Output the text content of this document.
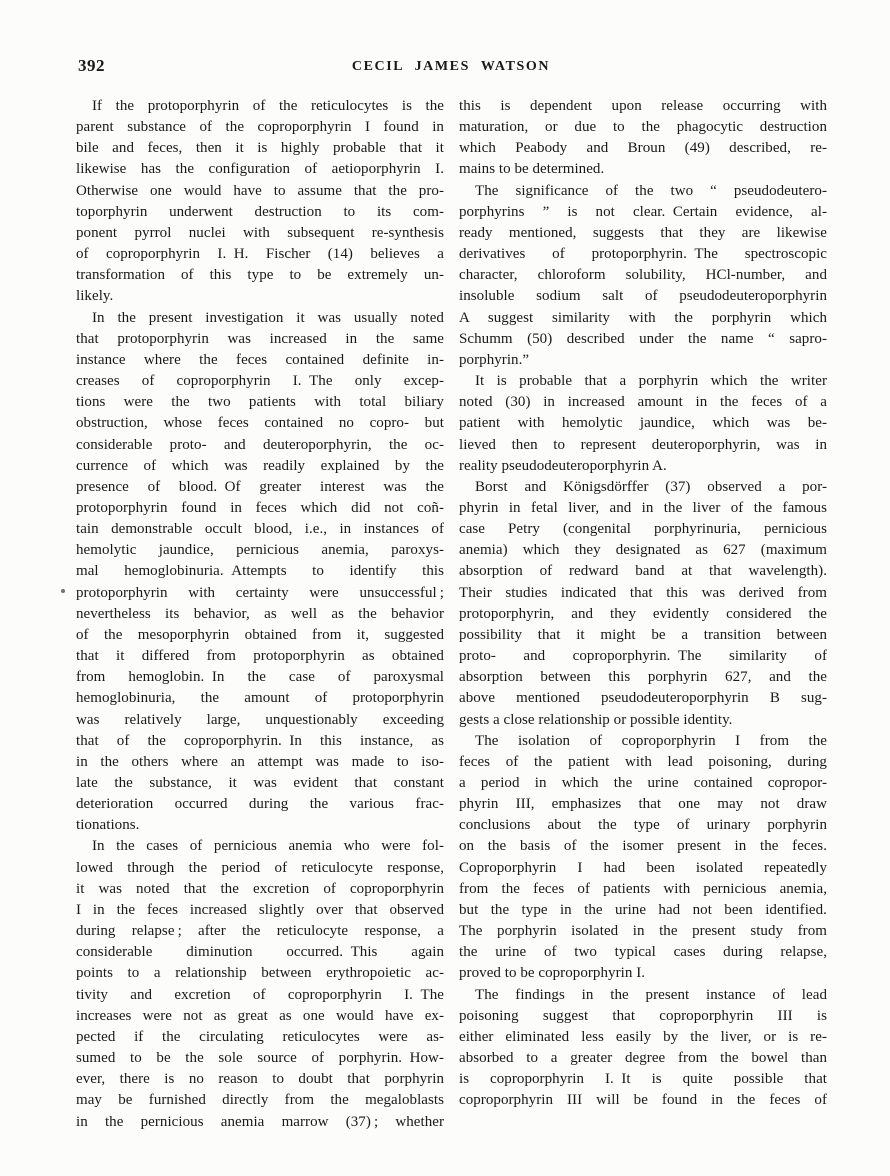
392	CECIL JAMES WATSON
If the protoporphyrin of the reticulocytes is the
parent substance of the coproporphyrin I found in
bile and feces, then it is highly probable that it
likewise has the configuration of aetioporphyrin I.
Otherwise one would have to assume that the pro-
toporphyrin underwent destruction to its com-
ponent pyrrol nuclei with subsequent re-synthesis
of coproporphyrin I. H. Fischer (14) believes a
transformation of this type to be extremely un-
likely.
In the present investigation it was usually noted
that protoporphyrin was increased in the same
instance where the feces contained definite in-
creases of coproporphyrin I. The only excep-
tions were the two patients with total biliary
obstruction, whose feces contained no copro- but
considerable proto- and deuteroporphyrin, the oc-
currence of which was readily explained by the
presence of blood. Of greater interest was the
protoporphyrin found in feces which did not coñ-
tain demonstrable occult blood, i.e., in instances of
hemolytic jaundice, pernicious anemia, paroxys-
mal hemoglobinuria. Attempts to identify this
protoporphyrin with certainty were unsuccessful ;
nevertheless its behavior, as well as the behavior
of the mesoporphyrin obtained from it, suggested
that it differed from protoporphyrin as obtained
from hemoglobin. In the case of paroxysmal
hemoglobinuria, the amount of protoporphyrin
was relatively large, unquestionably exceeding
that of the coproporphyrin. In this instance, as
in the others where an attempt was made to iso-
late the substance, it was evident that constant
deterioration occurred during the various frac-
tionations.
In the cases of pernicious anemia who were fol-
lowed through the period of reticulocyte response,
it was noted that the excretion of coproporphyrin
I in the feces increased slightly over that observed
during relapse ; after the reticulocyte response, a
considerable diminution occurred. This again
points to a relationship between erythropoietic ac-
tivity and excretion of coproporphyrin I. The
increases were not as great as one would have ex-
pected if the circulating reticulocytes were as-
sumed to be the sole source of porphyrin. How-
ever, there is no reason to doubt that porphyrin
may be furnished directly from the megaloblasts
in the pernicious anemia marrow (37) ; whether
this is dependent upon release occurring with
maturation, or due to the phagocytic destruction
which Peabody and Broun (49) described, re-
mains to be determined.
The significance of the two “ pseudodeutero-
porphyrins ” is not clear. Certain evidence, al-
ready mentioned, suggests that they are likewise
derivatives of protoporphyrin. The spectroscopic
character, chloroform solubility, HCl-number, and
insoluble sodium salt of pseudodeuteroporphyrin
A suggest similarity with the porphyrin which
Schumm (50) described under the name “ sapro-
porphyrin.”
It is probable that a porphyrin which the writer
noted (30) in increased amount in the feces of a
patient with hemolytic jaundice, which was be-
lieved then to represent deuteroporphyrin, was in
reality pseudodeuteroporphyrin A.
Borst and Königsdörffer (37) observed a por-
phyrin in fetal liver, and in the liver of the famous
case Petry (congenital porphyrinuria, pernicious
anemia) which they designated as 627 (maximum
absorption of redward band at that wavelength).
Their studies indicated that this was derived from
protoporphyrin, and they evidently considered the
possibility that it might be a transition between
proto- and coproporphyrin. The similarity of
absorption between this porphyrin 627, and the
above mentioned pseudodeuteroporphyrin B sug-
gests a close relationship or possible identity.
The isolation of coproporphyrin I from the
feces of the patient with lead poisoning, during
a period in which the urine contained copropor-
phyrin III, emphasizes that one may not draw
conclusions about the type of urinary porphyrin
on the basis of the isomer present in the feces.
Coproporphyrin I had been isolated repeatedly
from the feces of patients with pernicious anemia,
but the type in the urine had not been identified.
The porphyrin isolated in the present study from
the urine of two typical cases during relapse,
proved to be coproporphyrin I.
The findings in the present instance of lead
poisoning suggest that coproporphyrin III is
either eliminated less easily by the liver, or is re-
absorbed to a greater degree from the bowel than
is coproporphyrin I. It is quite possible that
coproporphyrin III will be found in the feces of
